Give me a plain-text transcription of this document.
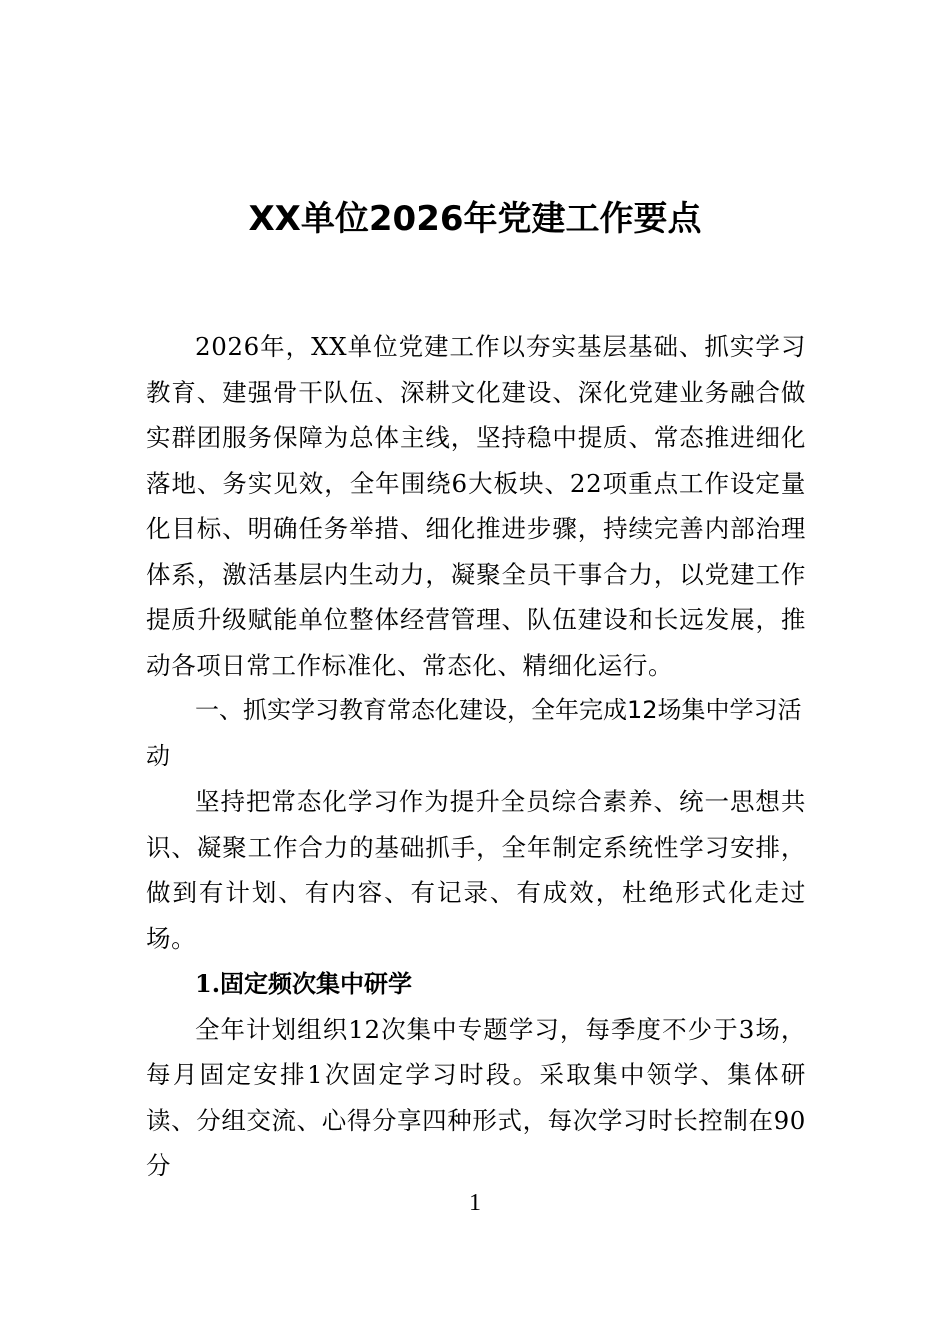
XX单位2026年党建工作要点

2026年，XX单位党建工作以夯实基层基础、抓实学习教育、建强骨干队伍、深耕文化建设、深化党建业务融合做实群团服务保障为总体主线，坚持稳中提质、常态推进细化落地、务实见效，全年围绕6大板块、22项重点工作设定量化目标、明确任务举措、细化推进步骤，持续完善内部治理体系，激活基层内生动力，凝聚全员干事合力，以党建工作提质升级赋能单位整体经营管理、队伍建设和长远发展，推动各项日常工作标准化、常态化、精细化运行。

一、抓实学习教育常态化建设，全年完成12场集中学习活动

坚持把常态化学习作为提升全员综合素养、统一思想共识、凝聚工作合力的基础抓手，全年制定系统性学习安排，做到有计划、有内容、有记录、有成效，杜绝形式化走过场。

1.固定频次集中研学

全年计划组织12次集中专题学习，每季度不少于3场，每月固定安排1次固定学习时段。采取集中领学、集体研读、分组交流、心得分享四种形式，每次学习时长控制在90分

1
